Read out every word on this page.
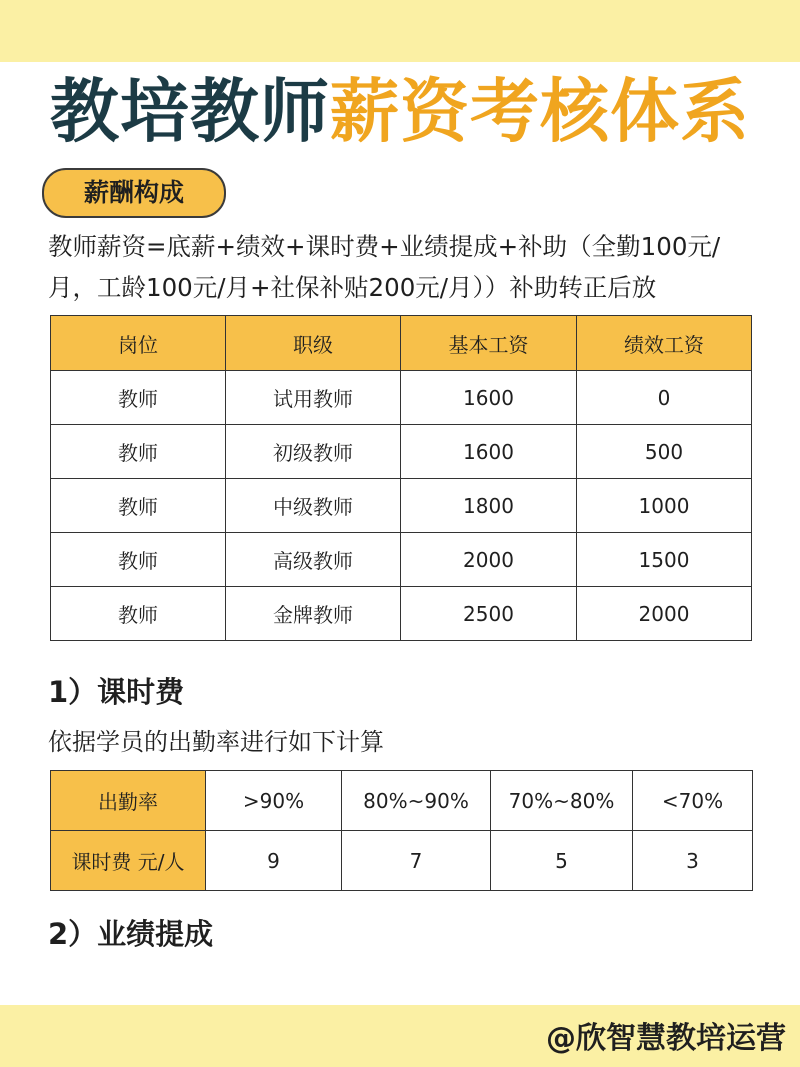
教培教师薪资考核体系
薪酬构成
教师薪资=底薪+绩效+课时费+业绩提成+补助（全勤100元/
月，工龄100元/月+社保补贴200元/月））补助转正后放
岗位	职级	基本工资	绩效工资
教师	试用教师	1600	0
教师	初级教师	1600	500
教师	中级教师	1800	1000
教师	高级教师	2000	1500
教师	金牌教师	2500	2000
1）课时费
依据学员的出勤率进行如下计算
出勤率	>90%	80%~90%	70%~80%	<70%
课时费 元/人	9	7	5	3
2）业绩提成
@欣智慧教培运营
